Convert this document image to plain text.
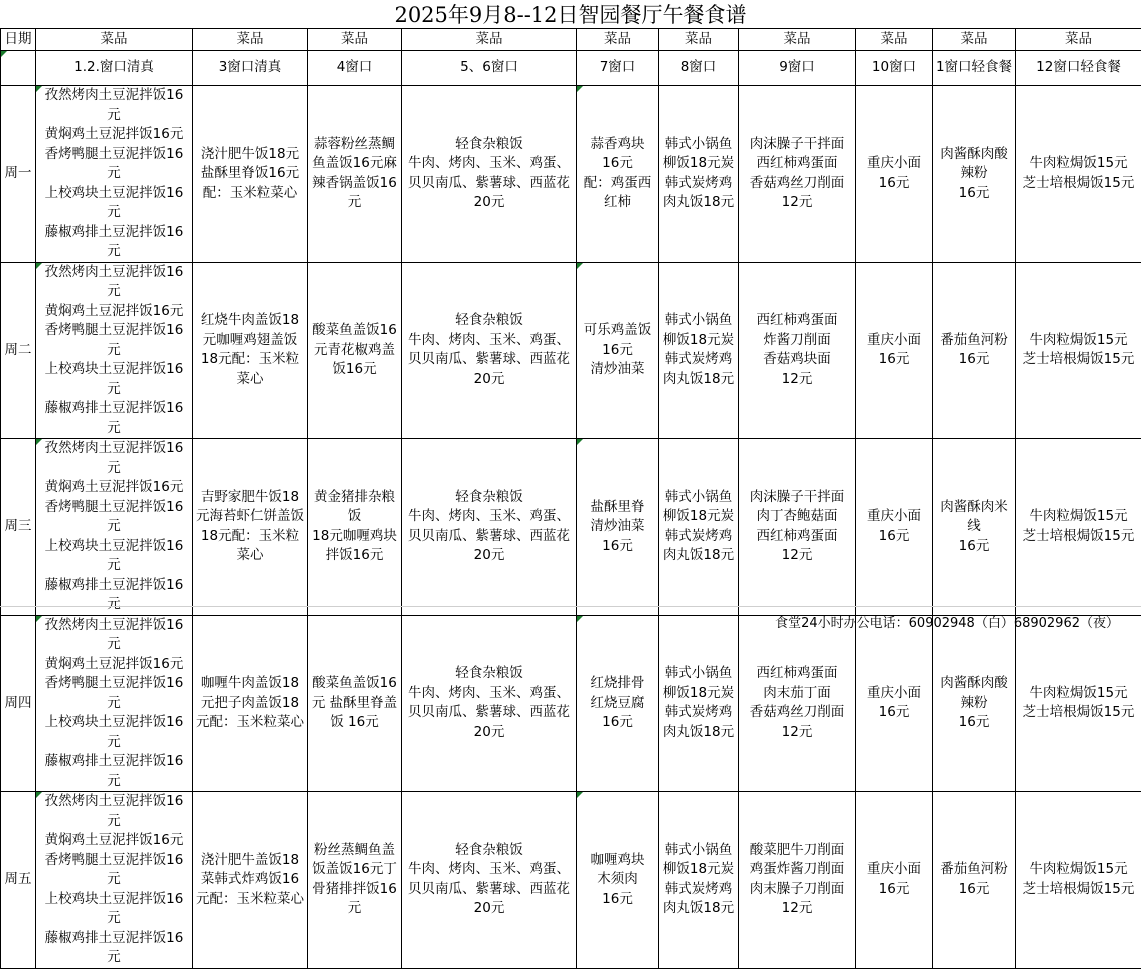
2025年9月8--12日智园餐厅午餐食谱
日期	菜品	菜品	菜品	菜品	菜品	菜品	菜品	菜品	菜品	菜品
	1.2.窗口清真	3窗口清真	4窗口	5、6窗口	7窗口	8窗口	9窗口	10窗口	1窗口轻食餐	12窗口轻食餐
周一	孜然烤肉土豆泥拌饭16元
黄焖鸡土豆泥拌饭16元
香烤鸭腿土豆泥拌饭16元
上校鸡块土豆泥拌饭16元
藤椒鸡排土豆泥拌饭16元	浇汁肥牛饭18元盐酥里脊饭16元配：玉米粒菜心	蒜蓉粉丝蒸鲷鱼盖饭16元麻辣香锅盖饭16元	轻食杂粮饭
牛肉、烤肉、玉米、鸡蛋、贝贝南瓜、紫薯球、西蓝花
20元	蒜香鸡块
16元
配：鸡蛋西红柿	韩式小锅鱼柳饭18元炭韩式炭烤鸡肉丸饭18元	肉沫臊子干拌面
西红柿鸡蛋面
香菇鸡丝刀削面
12元	重庆小面
16元	肉酱酥肉酸辣粉
16元	牛肉粒焗饭15元
芝士培根焗饭15元
周二	孜然烤肉土豆泥拌饭16元
黄焖鸡土豆泥拌饭16元
香烤鸭腿土豆泥拌饭16元
上校鸡块土豆泥拌饭16元
藤椒鸡排土豆泥拌饭16元	红烧牛肉盖饭18元咖喱鸡翅盖饭18元配：玉米粒菜心	酸菜鱼盖饭16元青花椒鸡盖饭16元	轻食杂粮饭
牛肉、烤肉、玉米、鸡蛋、贝贝南瓜、紫薯球、西蓝花
20元	可乐鸡盖饭16元
清炒油菜	韩式小锅鱼柳饭18元炭韩式炭烤鸡肉丸饭18元	西红柿鸡蛋面
炸酱刀削面
香菇鸡块面
12元	重庆小面
16元	番茄鱼河粉
16元	牛肉粒焗饭15元
芝士培根焗饭15元
周三	孜然烤肉土豆泥拌饭16元
黄焖鸡土豆泥拌饭16元
香烤鸭腿土豆泥拌饭16元
上校鸡块土豆泥拌饭16元
藤椒鸡排土豆泥拌饭16元	吉野家肥牛饭18元海苔虾仁饼盖饭18元配：玉米粒菜心	黄金猪排杂粮饭
18元咖喱鸡块拌饭16元	轻食杂粮饭
牛肉、烤肉、玉米、鸡蛋、贝贝南瓜、紫薯球、西蓝花
20元	盐酥里脊
清炒油菜
16元	韩式小锅鱼柳饭18元炭韩式炭烤鸡肉丸饭18元	肉沫臊子干拌面
肉丁杏鲍菇面
西红柿鸡蛋面
12元	重庆小面
16元	肉酱酥肉米线
16元	牛肉粒焗饭15元
芝士培根焗饭15元
周四	孜然烤肉土豆泥拌饭16元
黄焖鸡土豆泥拌饭16元
香烤鸭腿土豆泥拌饭16元
上校鸡块土豆泥拌饭16元
藤椒鸡排土豆泥拌饭16元	咖喱牛肉盖饭18元把子肉盖饭18元配：玉米粒菜心	酸菜鱼盖饭16元 盐酥里脊盖饭 16元	轻食杂粮饭
牛肉、烤肉、玉米、鸡蛋、贝贝南瓜、紫薯球、西蓝花
20元	红烧排骨
红烧豆腐
16元	韩式小锅鱼柳饭18元炭韩式炭烤鸡肉丸饭18元	西红柿鸡蛋面
肉末茄丁面
香菇鸡丝刀削面
12元	重庆小面
16元	肉酱酥肉酸辣粉
16元	牛肉粒焗饭15元
芝士培根焗饭15元
周五	孜然烤肉土豆泥拌饭16元
黄焖鸡土豆泥拌饭16元
香烤鸭腿土豆泥拌饭16元
上校鸡块土豆泥拌饭16元
藤椒鸡排土豆泥拌饭16元	浇汁肥牛盖饭18菜韩式炸鸡饭16元配：玉米粒菜心	粉丝蒸鲷鱼盖饭盖饭16元丁骨猪排拌饭16元	轻食杂粮饭
牛肉、烤肉、玉米、鸡蛋、贝贝南瓜、紫薯球、西蓝花
20元	咖喱鸡块
木须肉
16元	韩式小锅鱼柳饭18元炭韩式炭烤鸡肉丸饭18元	酸菜肥牛刀削面
鸡蛋炸酱刀削面
肉末臊子刀削面
12元	重庆小面
16元	番茄鱼河粉
16元	牛肉粒焗饭15元
芝士培根焗饭15元
食堂24小时办公电话：60902948（白）68902962（夜）
